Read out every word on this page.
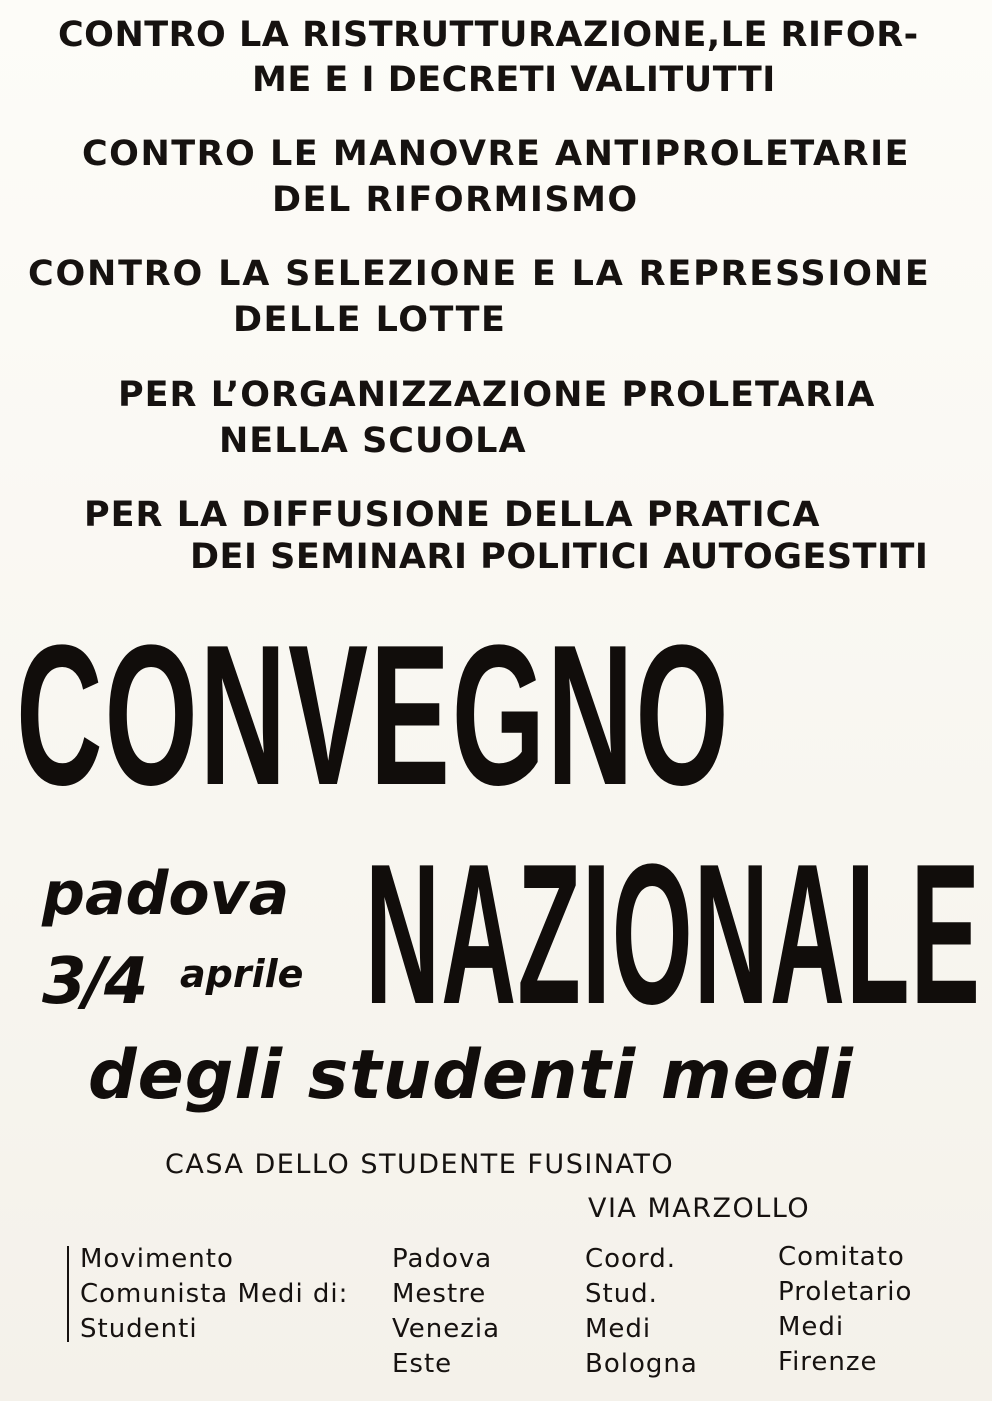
CONTRO LA RISTRUTTURAZIONE,LE RIFOR-
ME E I DECRETI VALITUTTI
CONTRO LE MANOVRE ANTIPROLETARIE
DEL RIFORMISMO
CONTRO LA SELEZIONE E LA REPRESSIONE
DELLE LOTTE
PER L’ORGANIZZAZIONE PROLETARIA
NELLA SCUOLA
PER LA DIFFUSIONE DELLA PRATICA
DEI SEMINARI POLITICI AUTOGESTITI
CONVEGNO
padova
3/4 aprile NAZIONALE
degli studenti medi
CASA DELLO STUDENTE FUSINATO
VIA MARZOLLO
Movimento
Comunista Medi di:
Studenti
Padova
Mestre
Venezia
Este
Coord.
Stud.
Medi
Bologna
Comitato
Proletario
Medi
Firenze
